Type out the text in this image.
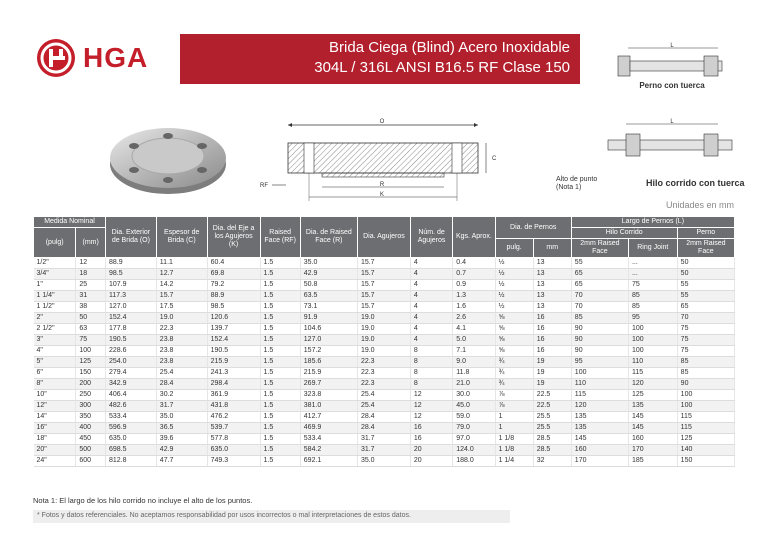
HGA	Brida Ciega (Blind) Acero Inoxidable
304L / 316L ANSI B16.5 RF Clase 150
O
C
RF	R
K
L
Perno con tuerca
L
Alto de punto
(Nota 1)	Hilo corrido con tuerca
Unidades en mm
Medida Nominal		Dia. Exterior de Brida (O)	Espesor de Brida (C)	Dia. del Eje a los Agujeros (K)	Raised Face (RF)	Dia. de Raised Face (R)	Dia. Agujeros	Núm. de Agujeros	Kgs. Aprox.	Dia. de Pernos		Largo de Pernos (L)		
(pulg)	(mm)											Hilo Corrido		Perno
										pulg.	mm	2mm Raised Face	Ring Joint	2mm Raised Face
1/2"	12	88.9	11.1	60.4	1.5	35.0	15.7	4	0.4	½	13	55	...	50
3/4"	18	98.5	12.7	69.8	1.5	42.9	15.7	4	0.7	½	13	65	...	50
1"	25	107.9	14.2	79.2	1.5	50.8	15.7	4	0.9	½	13	65	75	55
1 1/4"	31	117.3	15.7	88.9	1.5	63.5	15.7	4	1.3	½	13	70	85	55
1 1/2"	38	127.0	17.5	98.5	1.5	73.1	15.7	4	1.6	½	13	70	85	65
2"	50	152.4	19.0	120.6	1.5	91.9	19.0	4	2.6	⅝	16	85	95	70
2 1/2"	63	177.8	22.3	139.7	1.5	104.6	19.0	4	4.1	⅝	16	90	100	75
3"	75	190.5	23.8	152.4	1.5	127.0	19.0	4	5.0	⅝	16	90	100	75
4"	100	228.6	23.8	190.5	1.5	157.2	19.0	8	7.1	⅝	16	90	100	75
5"	125	254.0	23.8	215.9	1.5	185.6	22.3	8	9.0	¾	19	95	110	85
6"	150	279.4	25.4	241.3	1.5	215.9	22.3	8	11.8	¾	19	100	115	85
8"	200	342.9	28.4	298.4	1.5	269.7	22.3	8	21.0	¾	19	110	120	90
10"	250	406.4	30.2	361.9	1.5	323.8	25.4	12	30.0	⅞	22.5	115	125	100
12"	300	482.6	31.7	431.8	1.5	381.0	25.4	12	45.0	⅞	22.5	120	135	100
14"	350	533.4	35.0	476.2	1.5	412.7	28.4	12	59.0	1	25.5	135	145	115
16"	400	596.9	36.5	539.7	1.5	469.9	28.4	16	79.0	1	25.5	135	145	115
18"	450	635.0	39.6	577.8	1.5	533.4	31.7	16	97.0	1 1/8	28.5	145	160	125
20"	500	698.5	42.9	635.0	1.5	584.2	31.7	20	124.0	1 1/8	28.5	160	170	140
24"	600	812.8	47.7	749.3	1.5	692.1	35.0	20	188.0	1 1/4	32	170	185	150
Nota 1: El largo de los hilo corrido no incluye el alto de los puntos.
* Fotos y datos referenciales. No aceptamos responsabilidad por usos incorrectos o mal interpretaciones de estos datos.
